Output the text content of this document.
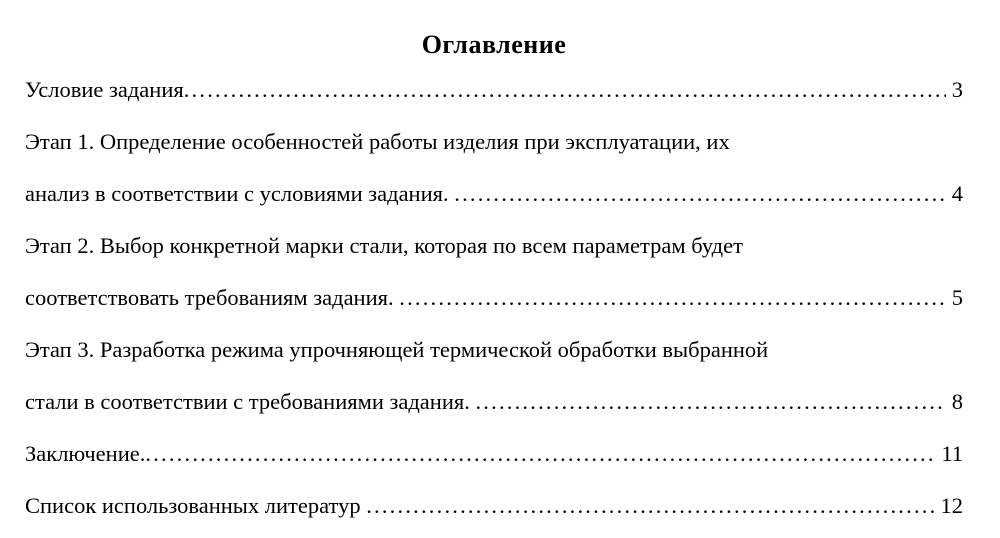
Оглавление
Условие задания .....	3
Этап 1. Определение особенностей работы изделия при эксплуатации, их
анализ в соответствии с условиями задания. .....	4
Этап 2. Выбор конкретной марки стали, которая по всем параметрам будет
соответствовать требованиям задания. .....	5
Этап 3. Разработка режима упрочняющей термической обработки выбранной
стали в соответствии с требованиями задания. .....	8
Заключение. .....	11
Список использованных литератур .....	12
